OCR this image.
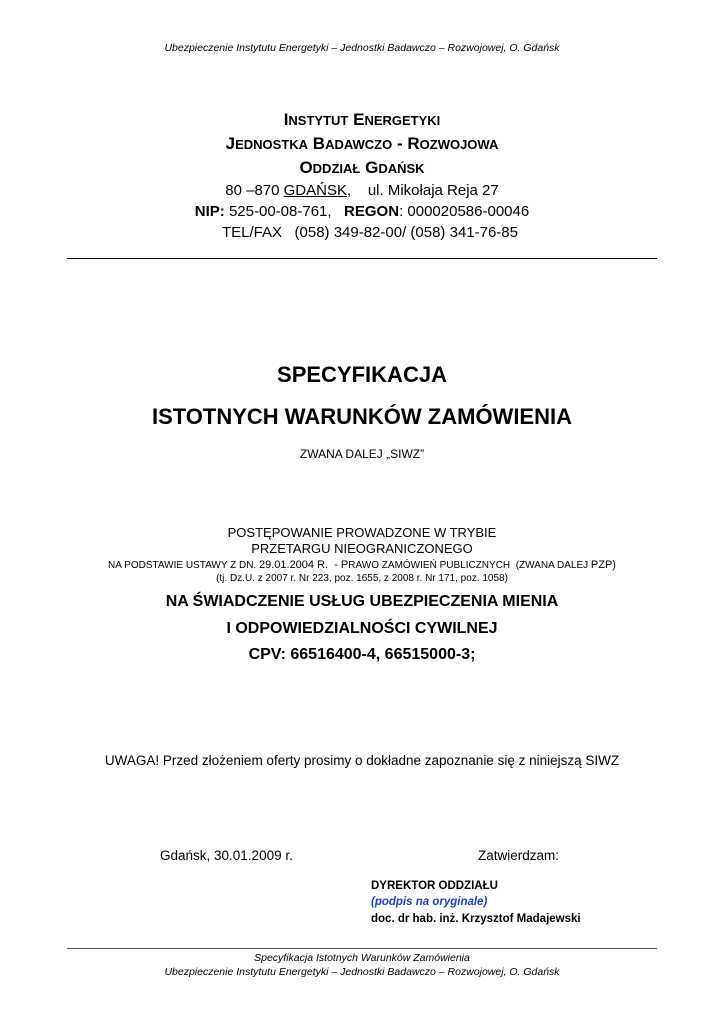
Ubezpieczenie Instytutu Energetyki – Jednostki Badawczo – Rozwojowej, O. Gdańsk
INSTYTUT ENERGETYKI
JEDNOSTKA BADAWCZO - ROZWOJOWA
ODDZIAŁ GDAŃSK
80 –870 GDAŃSK,    ul. Mikołaja Reja 27
NIP: 525-00-08-761,   REGON: 000020586-00046
TEL/FAX   (058) 349-82-00/ (058) 341-76-85
SPECYFIKACJA
ISTOTNYCH WARUNKÓW ZAMÓWIENIA
ZWANA DALEJ „SIWZ”
POSTĘPOWANIE PROWADZONE W TRYBIE
PRZETARGU NIEOGRANICZONEGO
NA PODSTAWIE USTAWY Z DN. 29.01.2004 R.  - PRAWO ZAMÓWIEŃ PUBLICZNYCH  (ZWANA DALEJ PZP)
(tj. Dz.U. z 2007 r. Nr 223, poz. 1655, z 2008 r. Nr 171, poz. 1058)
NA ŚWIADCZENIE USŁUG UBEZPIECZENIA MIENIA
I ODPOWIEDZIALNOŚCI CYWILNEJ
CPV: 66516400-4, 66515000-3;
UWAGA! Przed złożeniem oferty prosimy o dokładne zapoznanie się z niniejszą SIWZ
Gdańsk, 30.01.2009 r.	Zatwierdzam:
DYREKTOR ODDZIAŁU
(podpis na oryginale)
doc. dr hab. inż. Krzysztof Madajewski
Specyfikacja Istotnych Warunków Zamówienia
Ubezpieczenie Instytutu Energetyki – Jednostki Badawczo – Rozwojowej, O. Gdańsk
